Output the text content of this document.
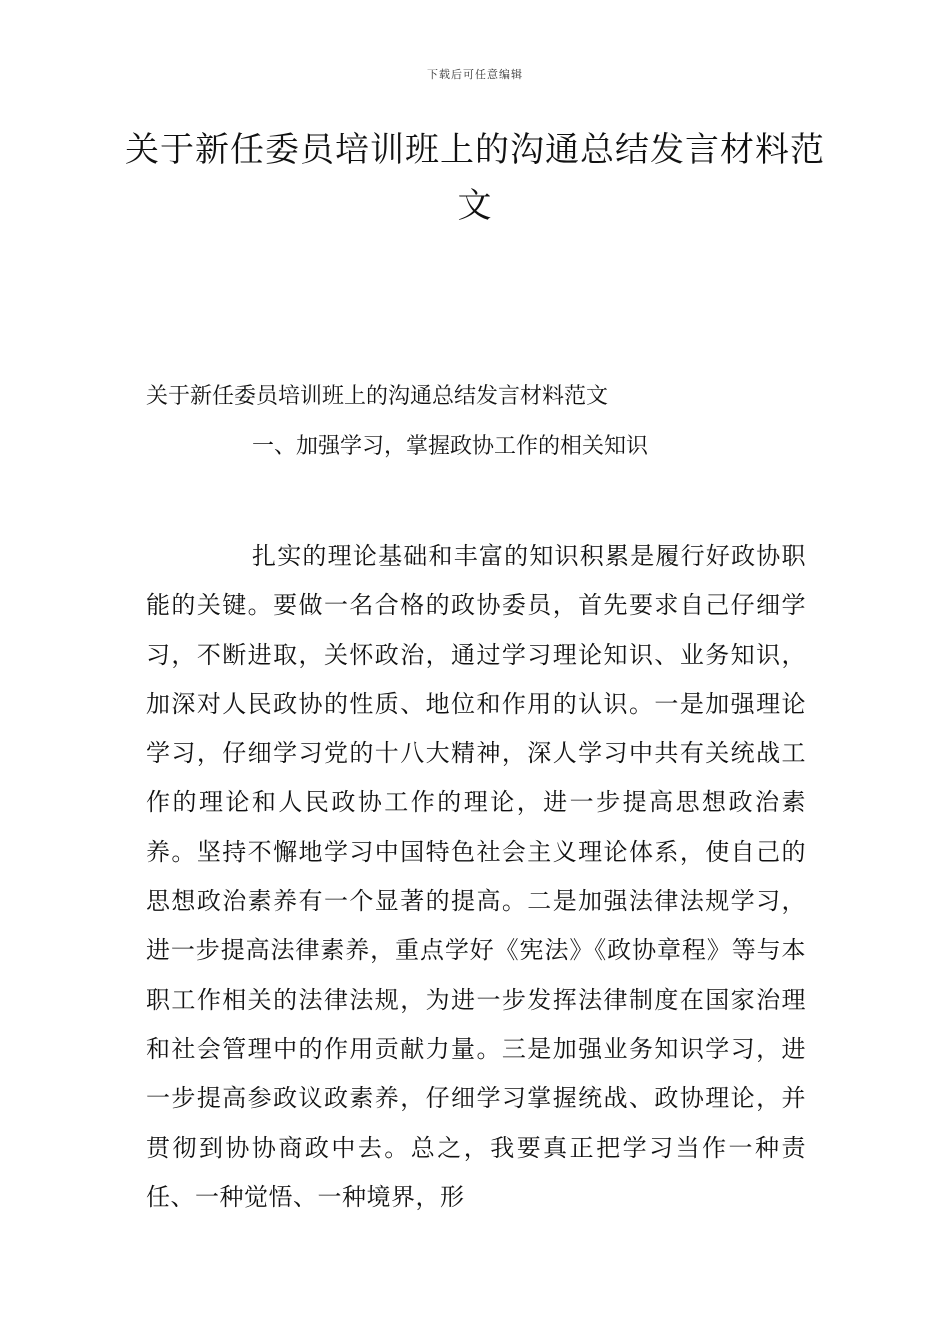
下载后可任意编辑
关于新任委员培训班上的沟通总结发言材料范文
关于新任委员培训班上的沟通总结发言材料范文
一、加强学习，掌握政协工作的相关知识

扎实的理论基础和丰富的知识积累是履行好政协职能的关键。要做一名合格的政协委员，首先要求自己仔细学习，不断进取，关怀政治，通过学习理论知识、业务知识，加深对人民政协的性质、地位和作用的认识。一是加强理论学习，仔细学习党的十八大精神，深人学习中共有关统战工作的理论和人民政协工作的理论，进一步提高思想政治素养。坚持不懈地学习中国特色社会主义理论体系，使自己的思想政治素养有一个显著的提高。二是加强法律法规学习，进一步提高法律素养，重点学好《宪法》《政协章程》等与本职工作相关的法律法规，为进一步发挥法律制度在国家治理和社会管理中的作用贡献力量。三是加强业务知识学习，进一步提高参政议政素养，仔细学习掌握统战、政协理论，并贯彻到协协商政中去。总之，我要真正把学习当作一种责任、一种觉悟、一种境界，形
